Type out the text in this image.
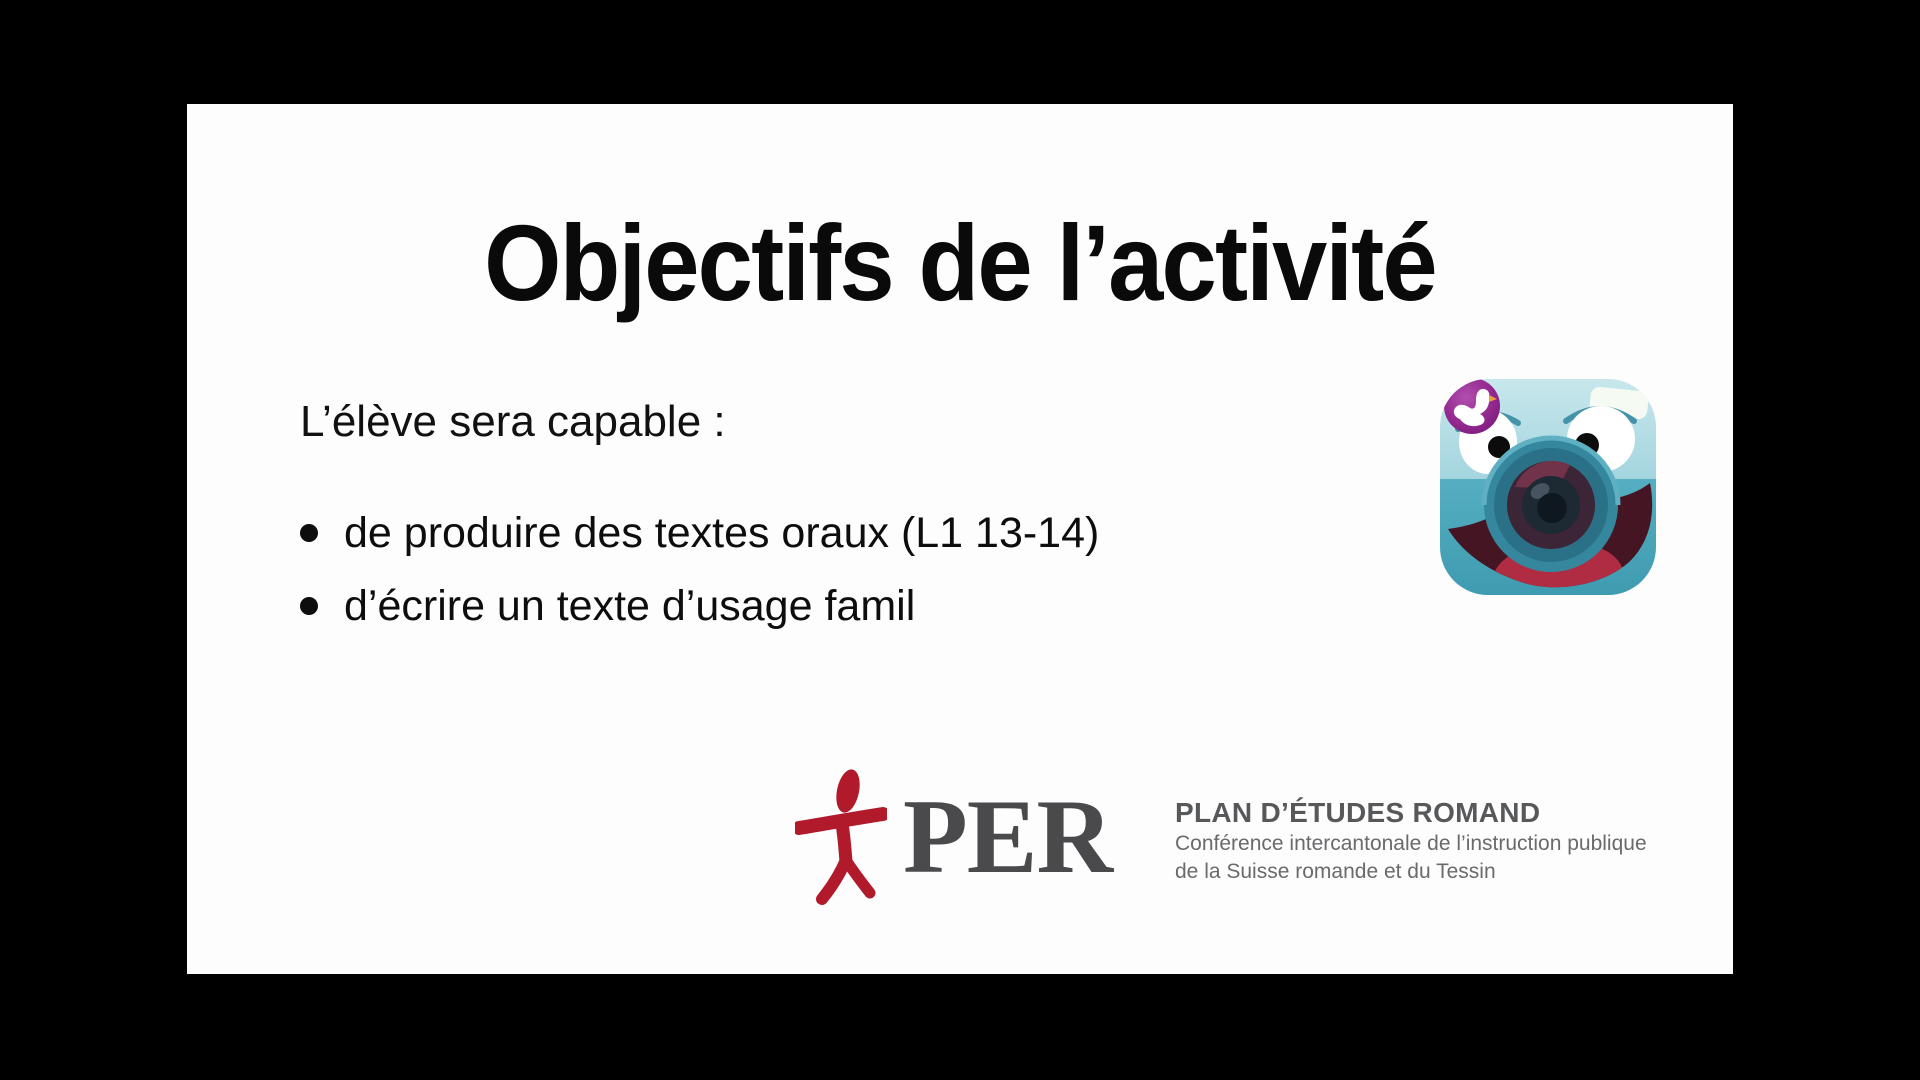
Objectifs de l’activité

L’élève sera capable :

de produire des textes oraux (L1 13-14)
d’écrire un texte d’usage famil
PER PLAN D’ÉTUDES ROMAND
Conférence intercantonale de l’instruction publique
de la Suisse romande et du Tessin
